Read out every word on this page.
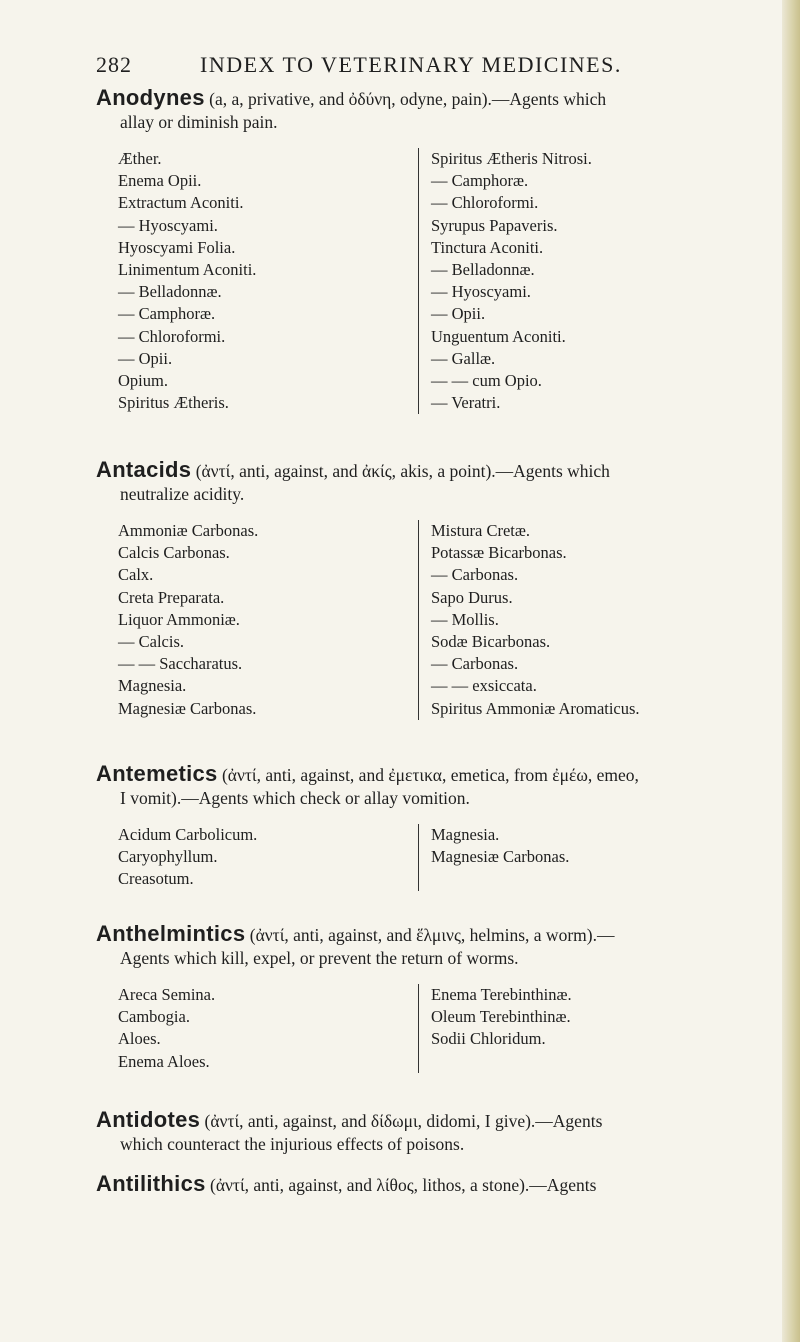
282	INDEX TO VETERINARY MEDICINES.
Anodynes (a, a, privative, and ὀδύνη, odyne, pain).—Agents which
allay or diminish pain.
Æther.
Enema Opii.
Extractum Aconiti.
— Hyoscyami.
Hyoscyami Folia.
Linimentum Aconiti.
— Belladonnæ.
— Camphoræ.
— Chloroformi.
— Opii.
Opium.
Spiritus Ætheris.
Spiritus Ætheris Nitrosi.
— Camphoræ.
— Chloroformi.
Syrupus Papaveris.
Tinctura Aconiti.
— Belladonnæ.
— Hyoscyami.
— Opii.
Unguentum Aconiti.
— Gallæ.
— — cum Opio.
— Veratri.
Antacids (ἀντί, anti, against, and ἀκίς, akis, a point).—Agents which
neutralize acidity.
Ammoniæ Carbonas.
Calcis Carbonas.
Calx.
Creta Preparata.
Liquor Ammoniæ.
— Calcis.
— — Saccharatus.
Magnesia.
Magnesiæ Carbonas.
Mistura Cretæ.
Potassæ Bicarbonas.
— Carbonas.
Sapo Durus.
— Mollis.
Sodæ Bicarbonas.
— Carbonas.
— — exsiccata.
Spiritus Ammoniæ Aromaticus.
Antemetics (ἀντί, anti, against, and ἐμετικα, emetica, from ἐμέω, emeo,
I vomit).—Agents which check or allay vomition.
Acidum Carbolicum.
Caryophyllum.
Creasotum.
Magnesia.
Magnesiæ Carbonas.
Anthelmintics (ἀντί, anti, against, and ἕλμινς, helmins, a worm).—
Agents which kill, expel, or prevent the return of worms.
Areca Semina.
Cambogia.
Aloes.
Enema Aloes.
Enema Terebinthinæ.
Oleum Terebinthinæ.
Sodii Chloridum.
Antidotes (ἀντί, anti, against, and δίδωμι, didomi, I give).—Agents
which counteract the injurious effects of poisons.
Antilithics (ἀντί, anti, against, and λίθος, lithos, a stone).—Agents
